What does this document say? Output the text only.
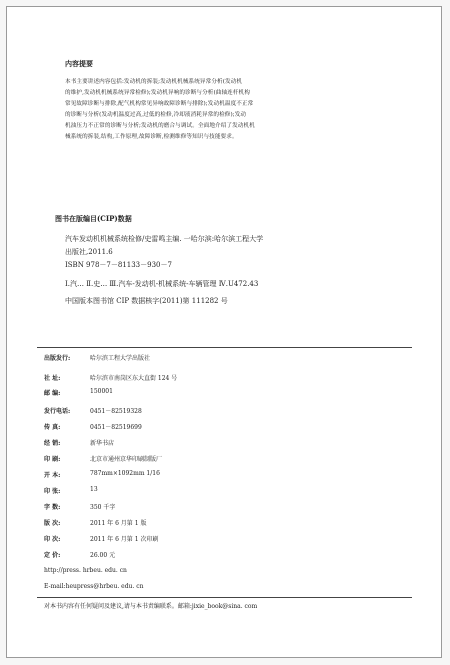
内容提要
本书主要讲述内容包括:发动机的拆装;发动机机械系统异常分析(发动机
的维护,发动机机械系统异常检修);发动机异响的诊断与分析(曲轴连杆机构
常见故障诊断与排除,配气机构常见异响故障诊断与排除);发动机温度不正常
的诊断与分析(发动机温度过高,过低的检修,冷却液消耗异常的检修);发动
机油压力不正常的诊断与分析;发动机的磨合与调试。全面地介绍了发动机机
械系统的拆装,结构,工作原理,故障诊断,检测维修等知识与技能要求。
图书在版编目(CIP)数据
汽车发动机机械系统检修/史雷鸣主编. 一哈尔滨:哈尔滨工程大学
出版社,2011.6
ISBN 978－7－81133－930－7
Ⅰ.汽… Ⅱ.史… Ⅲ.汽车-发动机-机械系统-车辆管理 Ⅳ.U472.43
中国版本图书馆 CIP 数据核字(2011)第 111282 号
出版发行:	哈尔滨工程大学出版社
社 址:	哈尔滨市南岗区东大直街 124 号
邮 编:	150001
发行电话:	0451－82519328
传 真:	0451－82519699
经 销:	新华书店
印 刷:	北京市通州京华印刷制版厂
开 本:	787mm×1092mm 1/16
印 张:	13
字 数:	350 千字
版 次:	2011 年 6 月第 1 版
印 次:	2011 年 6 月第 1 次印刷
定 价:	26.00 元
http://press. hrbeu. edu. cn
E-mail:heupress@hrbeu. edu. cn
对本书内容有任何疑问及建议,请与本书责编联系。邮箱:jixie_book@sina. com
